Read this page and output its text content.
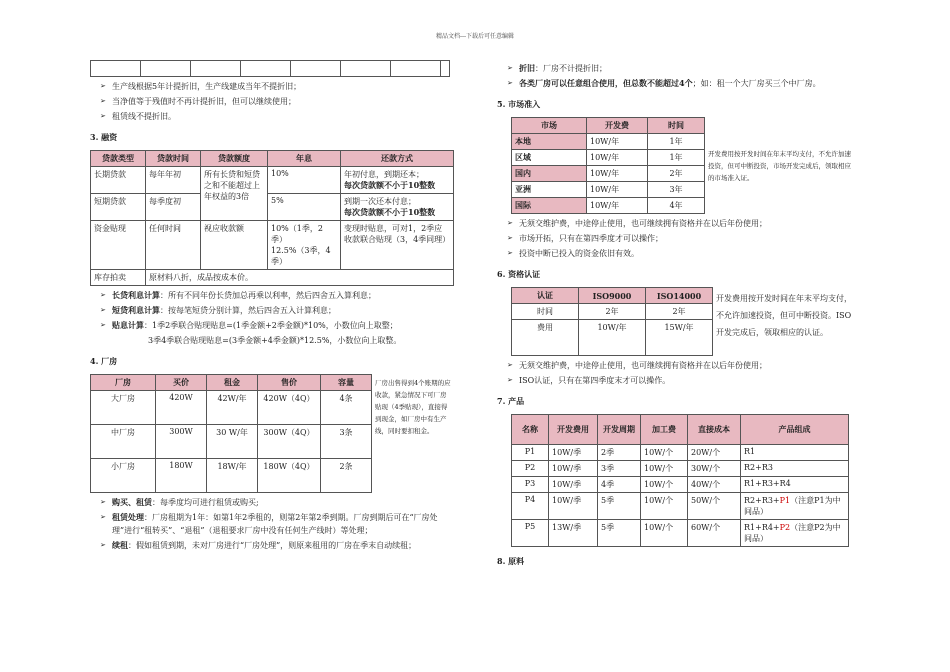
精品文档---下载后可任意编辑

➢ 生产线根据5年计提折旧，生产线建成当年不提折旧；
➢ 当净值等于残值时不再计提折旧，但可以继续使用；
➢ 租赁线不提折旧。
3. 融资
贷款类型	贷款时间	贷款额度	年息	还款方式
长期贷款	每年年初	所有长贷和短贷之和不能超过上年权益的3倍	10%	年初付息，到期还本；
每次贷款额不小于10整数
短期贷款	每季度初		5%	到期一次还本付息；
每次贷款额不小于10整数
资金贴现	任何时间	视应收款额	10%（1季，2季）
12.5%（3季，4季）	变现时贴息，可对1，2季应收款联合贴现（3，4季同理）
库存拍卖	原材料八折，成品按成本价。			
➢ 长贷利息计算：所有不同年份长贷加总再乘以利率，然后四舍五入算利息；
➢ 短贷利息计算：按每笔短贷分别计算，然后四舍五入计算利息；
➢ 贴息计算：1季2季联合贴现贴息=(1季金额+2季金额)*10%，小数位向上取整；
3季4季联合贴现贴息=(3季金额+4季金额)*12.5%，小数位向上取整。
4. 厂房
厂房	买价	租金	售价	容量	厂房出售得到4个账期的应收款，紧急情况下可厂房贴现（4季贴现），直接得到现金，如厂房中有生产线，同时要扣租金。
大厂房	420W	42W/年	420W（4Q）	4条	
中厂房	300W	30 W/年	300W（4Q）	3条	
小厂房	180W	18W/年	180W（4Q）	2条	
➢ 购买、租赁：每季度均可进行租赁或购买;
➢ 租赁处理：厂房租期为1年：如第1年2季租的，则第2年第2季到期。厂房到期后可在“厂房处理”进行“租转买”、“退租”（退租要求厂房中没有任何生产线时）等处理；
➢ 续租：假如租赁到期，未对厂房进行“厂房处理”，则原来租用的厂房在季末自动续租；
➢ 折旧：厂房不计提折旧；
➢ 各类厂房可以任意组合使用，但总数不能超过4个；如：租一个大厂房买三个中厂房。
5. 市场准入
市场	开发费	时间	开发费用按开发时间在年末平均支付，不允许加速投资，但可中断投资，市场开发完成后，领取相应的市场准入证。
本地	10W/年	1年	
区域	10W/年	1年	
国内	10W/年	2年	
亚洲	10W/年	3年	
国际	10W/年	4年	
➢ 无须交维护费，中途停止使用，也可继续拥有资格并在以后年份使用；
➢ 市场开拓，只有在第四季度才可以操作；
➢ 投资中断已投入的资金依旧有效。
6. 资格认证
认证	ISO9000	ISO14000	开发费用按开发时间在年末平均支付，不允许加速投资，但可中断投资。ISO开发完成后，领取相应的认证。
时间	2年	2年	
费用	10W/年	15W/年	
➢ 无须交维护费，中途停止使用，也可继续拥有资格并在以后年份使用；
➢ ISO认证，只有在第四季度末才可以操作。
7. 产品
名称	开发费用	开发周期	加工费	直接成本	产品组成
P1	10W/季	2季	10W/个	20W/个	R1
P2	10W/季	3季	10W/个	30W/个	R2+R3
P3	10W/季	4季	10W/个	40W/个	R1+R3+R4
P4	10W/季	5季	10W/个	50W/个	R2+R3+P1（注意P1为中间品）
P5	13W/季	5季	10W/个	60W/个	R1+R4+P2（注意P2为中间品）
8. 原料
